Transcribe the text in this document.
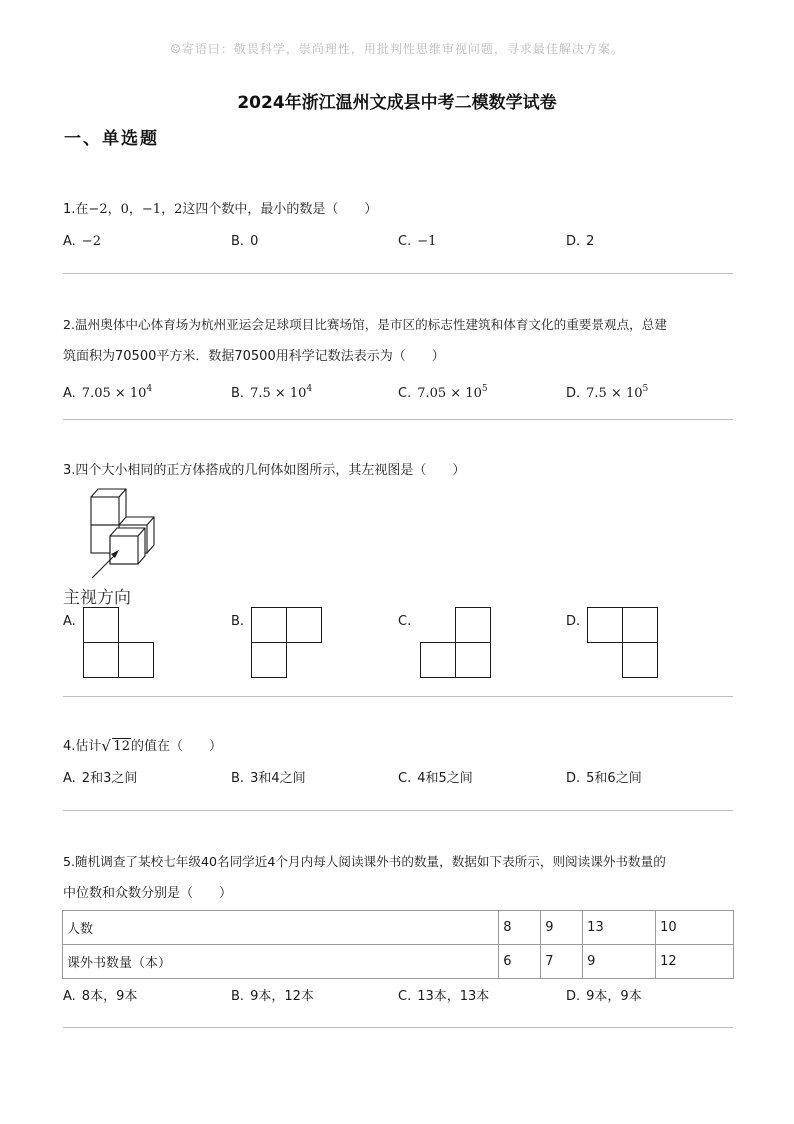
☺寄语曰：敬畏科学，崇尚理性，用批判性思维审视问题，寻求最佳解决方案。
2024年浙江温州文成县中考二模数学试卷
一、单选题
1.在−2，0，−1，2这四个数中，最小的数是（　　）
A. −2	B. 0	C. −1	D. 2
2.温州奥体中心体育场为杭州亚运会足球项目比赛场馆，是市区的标志性建筑和体育文化的重要景观点，总建
筑面积为70500平方米．数据70500用科学记数法表示为（　　）
A. $7.05 \times 10^4$	B. $7.5 \times 10^4$	C. $7.05 \times 10^5$	D. $7.5 \times 10^5$
3.四个大小相同的正方体搭成的几何体如图所示，其左视图是（　　）
主视方向
A.	B.	C.	D.
4.估计 √ 12的值在（　　）
A. 2和3之间	B. 3和4之间	C. 4和5之间	D. 5和6之间
5.随机调查了某校七年级40名同学近4个月内每人阅读课外书的数量，数据如下表所示，则阅读课外书数量的
中位数和众数分别是（　　）
人数	8	9	13	10
课外书数量（本）	6	7	9	12
A. 8本，9本	B. 9本，12本	C. 13本，13本	D. 9本，9本
